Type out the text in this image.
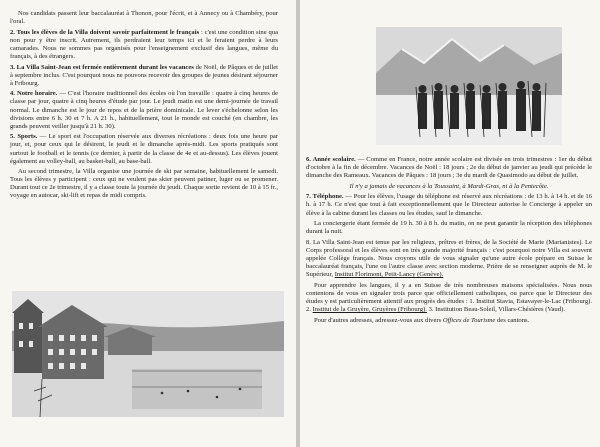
Nos candidats passent leur baccalauréat à Thonon, pour l'écrit, et à Annecy ou à Chambéry, pour l'oral.

2. Tous les élèves de la Villa doivent savoir parfaitement le français : c'est une condition sine qua non pour y être inscrit. Autrement, ils perdraient leur temps ici et le feraient perdre à leurs camarades. Nous ne sommes pas organisés pour l'enseignement exclusif des langues, même du français, à des étrangers.

3. La Villa Saint-Jean est fermée entièrement durant les vacances de Noël, de Pâques et de juillet à septembre inclus. C'est pourquoi nous ne pouvons recevoir des groupes de jeunes désirant séjourner à Fribourg.

4. Notre horaire. — C'est l'horaire traditionnel des écoles où l'on travaille : quatre à cinq heures de classe par jour, quatre à cinq heures d'étude par jour. Le jeudi matin est une demi-journée de travail normal. Le dimanche est le jour de repos et de la prière dominicale. Le lever s'échelonne selon les divisions entre 6 h. 30 et 7 h. A 21 h., habituellement, tout le monde est couché (en chambre, les grands peuvent veiller jusqu'à 21 h. 30).

5. Sports. — Le sport est l'occupation réservée aux diverses récréations : deux fois une heure par jour, et, pour ceux qui le désirent, le jeudi et le dimanche après-midi. Les sports pratiqués sont surtout le football et le tennis (ce dernier, à partir de la classe de 4e et au-dessus). Les élèves jouent également au volley-ball, au basket-ball, au base-ball.

Au second trimestre, la Villa organise une journée de ski par semaine, habituellement le samedi. Tous les élèves y participent : ceux qui ne veulent pas skier peuvent patiner, luger ou se promener. Durant tout ce 2e trimestre, il y a classe toute la journée du jeudi. Chaque sortie revient de 10 à 15 fr., voyage en autocar, ski-lift et repas de midi compris.

6. Année scolaire. — Comme en France, notre année scolaire est divisée en trois trimestres : 1er du début d'octobre à la fin de décembre. Vacances de Noël : 18 jours ; 2e du début de janvier au jeudi qui précède le dimanche des Rameaux. Vacances de Pâques : 18 jours ; 3e du mardi de Quasimodo au début de juillet.

Il n'y a jamais de vacances à la Toussaint, à Mardi-Gras, ni à la Pentecôte.

7. Téléphone. — Pour les élèves, l'usage du téléphone est réservé aux récréations : de 13 h. à 14 h. et de 16 h. à 17 h. Ce n'est que tout à fait exceptionnellement que le Directeur autorise le Concierge à appeler un élève à la cabine durant les classes ou les études, sauf le dimanche.

La conciergerie étant fermée de 19 h. 30 à 8 h. du matin, on ne peut garantir la réception des téléphones durant la nuit.

8. La Villa Saint-Jean est tenue par les religieux, prêtres et frères, de la Société de Marie (Marianistes). Le Corps professoral et les élèves sont en très grande majorité français : c'est pourquoi notre Villa est souvent appelée Collège français. Nous croyons utile de vous signaler qu'une autre école prépare en Suisse le baccalauréat français, l'une ou l'autre classe avec section moderne. Prière de se renseigner auprès de M. le Supérieur, Institut Florimont, Petit-Lancy (Genève).

Pour apprendre les langues, il y a en Suisse de très nombreuses maisons spécialisées. Nous nous contentons de vous en signaler trois parce que officiellement catholiques, ou parce que le Directeur des études y est particulièrement attentif aux progrès des études : 1. Institut Stavia, Estavayer-le-Lac (Fribourg). 2. Institut de la Gruyère, Gruyères (Fribourg). 3. Institution Beau-Soleil, Villars-Chésières (Vaud).

Pour d'autres adresses, adressez-vous aux divers Offices de Tourisme des cantons.
